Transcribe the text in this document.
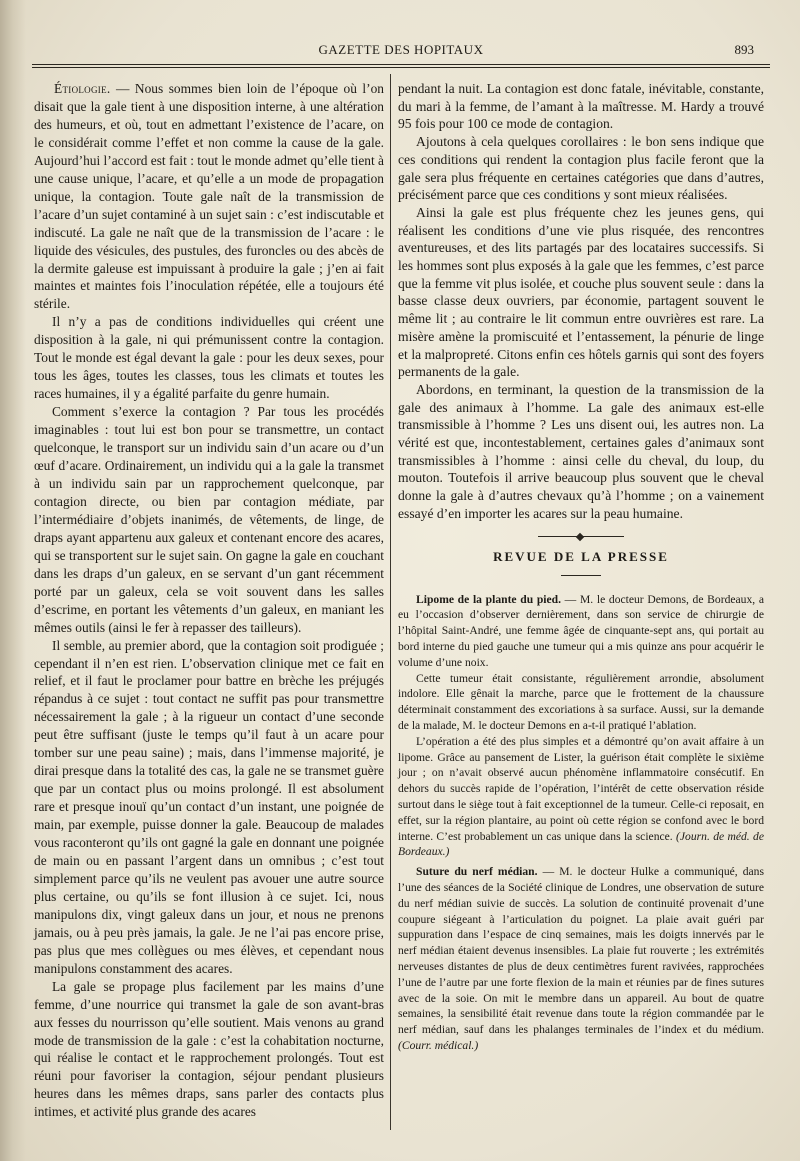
GAZETTE DES HOPITAUX	893

Étiologie. — Nous sommes bien loin de l’époque où l’on disait que la gale tient à une disposition interne, à une altération des humeurs, et où, tout en admettant l’existence de l’acare, on le considérait comme l’effet et non comme la cause de la gale. Aujourd’hui l’accord est fait : tout le monde admet qu’elle tient à une cause unique, l’acare, et qu’elle a un mode de propagation unique, la contagion. Toute gale naît de la transmission de l’acare d’un sujet contaminé à un sujet sain : c’est indiscutable et indiscuté. La gale ne naît que de la transmission de l’acare : le liquide des vésicules, des pustules, des furoncles ou des abcès de la dermite galeuse est impuissant à produire la gale ; j’en ai fait maintes et maintes fois l’inoculation répétée, elle a toujours été stérile.

Il n’y a pas de conditions individuelles qui créent une disposition à la gale, ni qui prémunissent contre la contagion. Tout le monde est égal devant la gale : pour les deux sexes, pour tous les âges, toutes les classes, tous les climats et toutes les races humaines, il y a égalité parfaite du genre humain.

Comment s’exerce la contagion ? Par tous les procédés imaginables : tout lui est bon pour se transmettre, un contact quelconque, le transport sur un individu sain d’un acare ou d’un œuf d’acare. Ordinairement, un individu qui a la gale la transmet à un individu sain par un rapprochement quelconque, par contagion directe, ou bien par contagion médiate, par l’intermédiaire d’objets inanimés, de vêtements, de linge, de draps ayant appartenu aux galeux et contenant encore des acares, qui se transportent sur le sujet sain. On gagne la gale en couchant dans les draps d’un galeux, en se servant d’un gant récemment porté par un galeux, cela se voit souvent dans les salles d’escrime, en portant les vêtements d’un galeux, en maniant les mêmes outils (ainsi le fer à repasser des tailleurs).

Il semble, au premier abord, que la contagion soit prodiguée ; cependant il n’en est rien. L’observation clinique met ce fait en relief, et il faut le proclamer pour battre en brèche les préjugés répandus à ce sujet : tout contact ne suffit pas pour transmettre nécessairement la gale ; à la rigueur un contact d’une seconde peut être suffisant (juste le temps qu’il faut à un acare pour tomber sur une peau saine) ; mais, dans l’immense majorité, je dirai presque dans la totalité des cas, la gale ne se transmet guère que par un contact plus ou moins prolongé. Il est absolument rare et presque inouï qu’un contact d’un instant, une poignée de main, par exemple, puisse donner la gale. Beaucoup de malades vous raconteront qu’ils ont gagné la gale en donnant une poignée de main ou en passant l’argent dans un omnibus ; c’est tout simplement parce qu’ils ne veulent pas avouer une autre source plus certaine, ou qu’ils se font illusion à ce sujet. Ici, nous manipulons dix, vingt galeux dans un jour, et nous ne prenons jamais, ou à peu près jamais, la gale. Je ne l’ai pas encore prise, pas plus que mes collègues ou mes élèves, et cependant nous manipulons constamment des acares.

La gale se propage plus facilement par les mains d’une femme, d’une nourrice qui transmet la gale de son avant-bras aux fesses du nourrisson qu’elle soutient. Mais venons au grand mode de transmission de la gale : c’est la cohabitation nocturne, qui réalise le contact et le rapprochement prolongés. Tout est réuni pour favoriser la contagion, séjour pendant plusieurs heures dans les mêmes draps, sans parler des contacts plus intimes, et activité plus grande des acares

pendant la nuit. La contagion est donc fatale, inévitable, constante, du mari à la femme, de l’amant à la maîtresse. M. Hardy a trouvé 95 fois pour 100 ce mode de contagion.

Ajoutons à cela quelques corollaires : le bon sens indique que ces conditions qui rendent la contagion plus facile feront que la gale sera plus fréquente en certaines catégories que dans d’autres, précisément parce que ces conditions y sont mieux réalisées.

Ainsi la gale est plus fréquente chez les jeunes gens, qui réalisent les conditions d’une vie plus risquée, des rencontres aventureuses, et des lits partagés par des locataires successifs. Si les hommes sont plus exposés à la gale que les femmes, c’est parce que la femme vit plus isolée, et couche plus souvent seule : dans la basse classe deux ouvriers, par économie, partagent souvent le même lit ; au contraire le lit commun entre ouvrières est rare. La misère amène la promiscuité et l’entassement, la pénurie de linge et la malpropreté. Citons enfin ces hôtels garnis qui sont des foyers permanents de la gale.

Abordons, en terminant, la question de la transmission de la gale des animaux à l’homme. La gale des animaux est-elle transmissible à l’homme ? Les uns disent oui, les autres non. La vérité est que, incontestablement, certaines gales d’animaux sont transmissibles à l’homme : ainsi celle du cheval, du loup, du mouton. Toutefois il arrive beaucoup plus souvent que le cheval donne la gale à d’autres chevaux qu’à l’homme ; on a vainement essayé d’en importer les acares sur la peau humaine.

REVUE DE LA PRESSE

Lipome de la plante du pied. — M. le docteur Demons, de Bordeaux, a eu l’occasion d’observer dernièrement, dans son service de chirurgie de l’hôpital Saint-André, une femme âgée de cinquante-sept ans, qui portait au bord interne du pied gauche une tumeur qui a mis quinze ans pour acquérir le volume d’une noix.

Cette tumeur était consistante, régulièrement arrondie, absolument indolore. Elle gênait la marche, parce que le frottement de la chaussure déterminait constamment des excoriations à sa surface. Aussi, sur la demande de la malade, M. le docteur Demons en a-t-il pratiqué l’ablation.

L’opération a été des plus simples et a démontré qu’on avait affaire à un lipome. Grâce au pansement de Lister, la guérison était complète le sixième jour ; on n’avait observé aucun phénomène inflammatoire consécutif. En dehors du succès rapide de l’opération, l’intérêt de cette observation réside surtout dans le siège tout à fait exceptionnel de la tumeur. Celle-ci reposait, en effet, sur la région plantaire, au point où cette région se confond avec le bord interne. C’est probablement un cas unique dans la science. (Journ. de méd. de Bordeaux.)

Suture du nerf médian. — M. le docteur Hulke a communiqué, dans l’une des séances de la Société clinique de Londres, une observation de suture du nerf médian suivie de succès. La solution de continuité provenait d’une coupure siégeant à l’articulation du poignet. La plaie avait guéri par suppuration dans l’espace de cinq semaines, mais les doigts innervés par le nerf médian étaient devenus insensibles. La plaie fut rouverte ; les extrémités nerveuses distantes de plus de deux centimètres furent ravivées, rapprochées l’une de l’autre par une forte flexion de la main et réunies par de fines sutures avec de la soie. On mit le membre dans un appareil. Au bout de quatre semaines, la sensibilité était revenue dans toute la région commandée par le nerf médian, sauf dans les phalanges terminales de l’index et du médium. (Courr. médical.)
